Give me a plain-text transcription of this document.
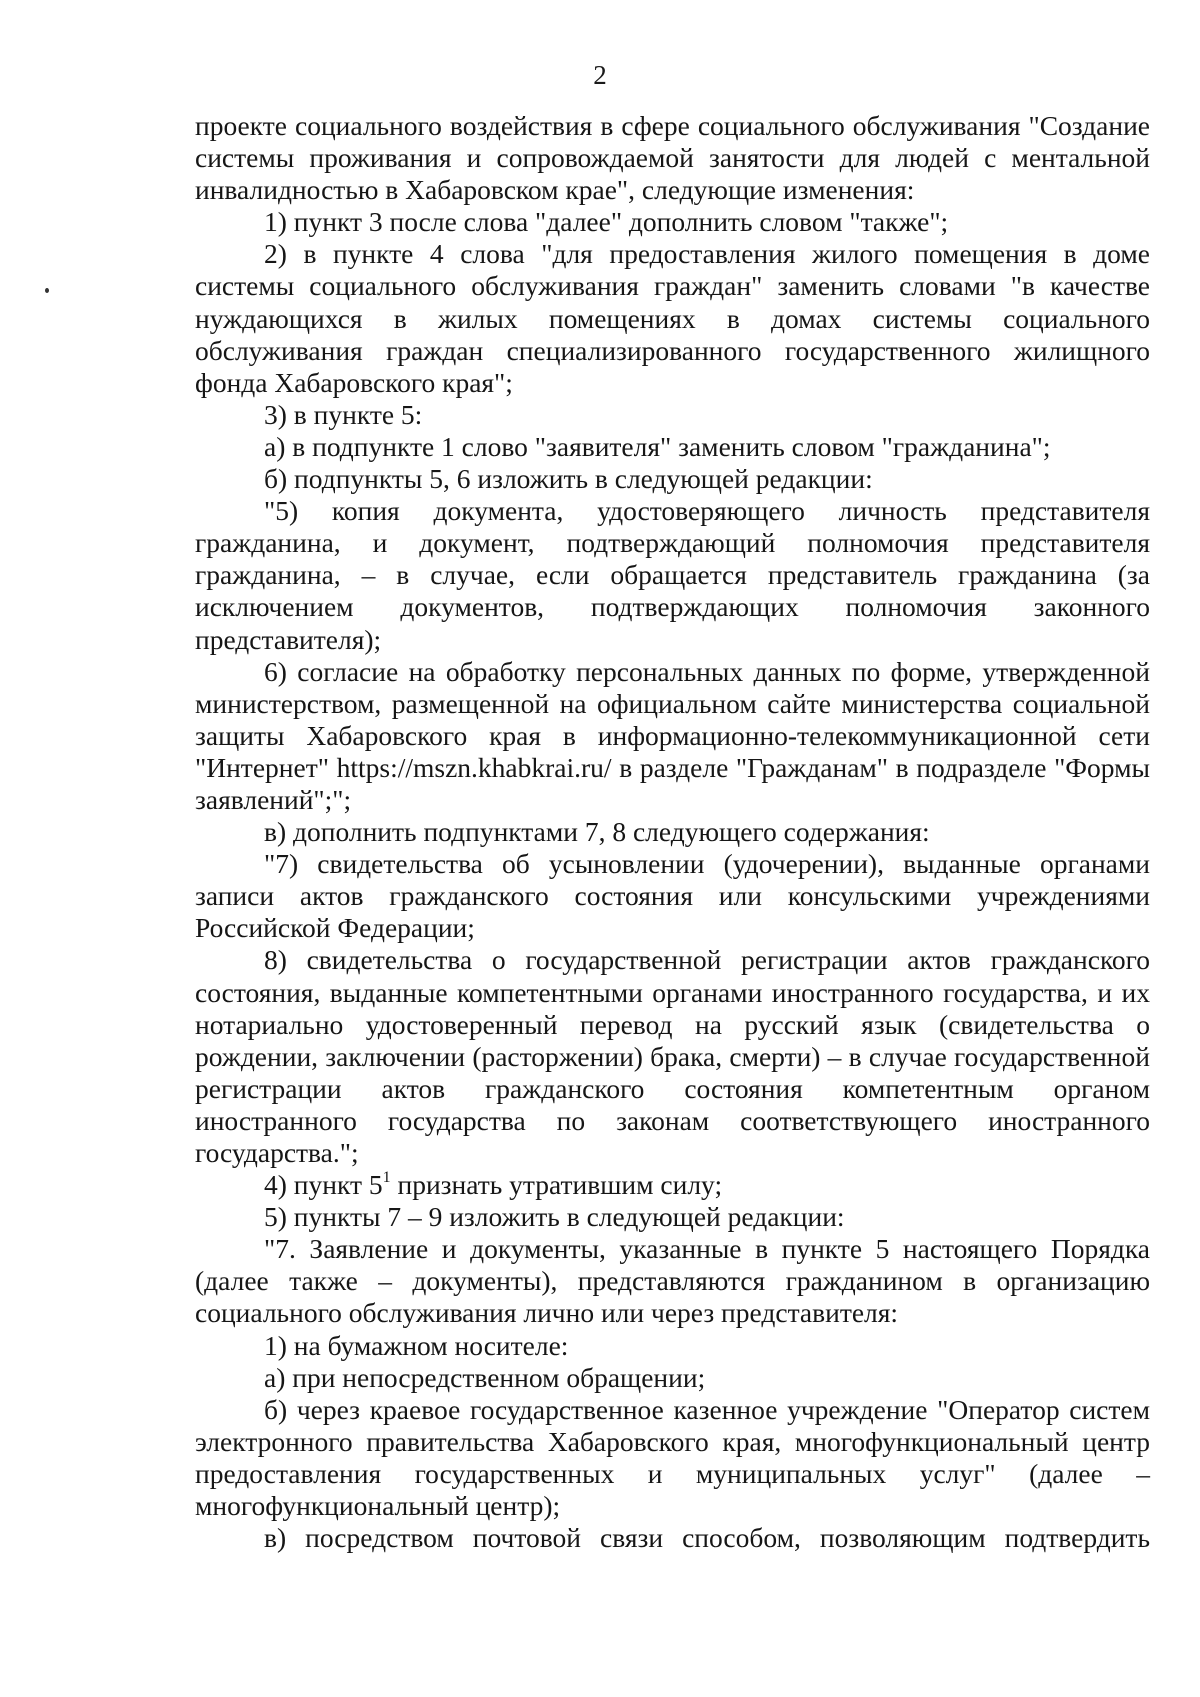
2

проекте социального воздействия в сфере социального обслуживания "Создание системы проживания и сопровождаемой занятости для людей с ментальной инвалидностью в Хабаровском крае", следующие изменения:

1) пункт 3 после слова "далее" дополнить словом "также";

2) в пункте 4 слова "для предоставления жилого помещения в доме системы социального обслуживания граждан" заменить словами "в качестве нуждающихся в жилых помещениях в домах системы социального обслуживания граждан специализированного государственного жилищного фонда Хабаровского края";

3) в пункте 5:

а) в подпункте 1 слово "заявителя" заменить словом "гражданина";

б) подпункты 5, 6 изложить в следующей редакции:

"5) копия документа, удостоверяющего личность представителя гражданина, и документ, подтверждающий полномочия представителя гражданина, – в случае, если обращается представитель гражданина (за исключением документов, подтверждающих полномочия законного представителя);

6) согласие на обработку персональных данных по форме, утвержденной министерством, размещенной на официальном сайте министерства социальной защиты Хабаровского края в информационно-телекоммуникационной сети "Интернет" https://mszn.khabkrai.ru/ в разделе "Гражданам" в подразделе "Формы заявлений";";

в) дополнить подпунктами 7, 8 следующего содержания:

"7) свидетельства об усыновлении (удочерении), выданные органами записи актов гражданского состояния или консульскими учреждениями Российской Федерации;

8) свидетельства о государственной регистрации актов гражданского состояния, выданные компетентными органами иностранного государства, и их нотариально удостоверенный перевод на русский язык (свидетельства о рождении, заключении (расторжении) брака, смерти) – в случае государственной регистрации актов гражданского состояния компетентным органом иностранного государства по законам соответствующего иностранного государства.";

4) пункт $5^1$ признать утратившим силу;

5) пункты 7 – 9 изложить в следующей редакции:

"7. Заявление и документы, указанные в пункте 5 настоящего Порядка (далее также – документы), представляются гражданином в организацию социального обслуживания лично или через представителя:

1) на бумажном носителе:

а) при непосредственном обращении;

б) через краевое государственное казенное учреждение "Оператор систем электронного правительства Хабаровского края, многофункциональный центр предоставления государственных и муниципальных услуг" (далее – многофункциональный центр);

в) посредством почтовой связи способом, позволяющим подтвердить
